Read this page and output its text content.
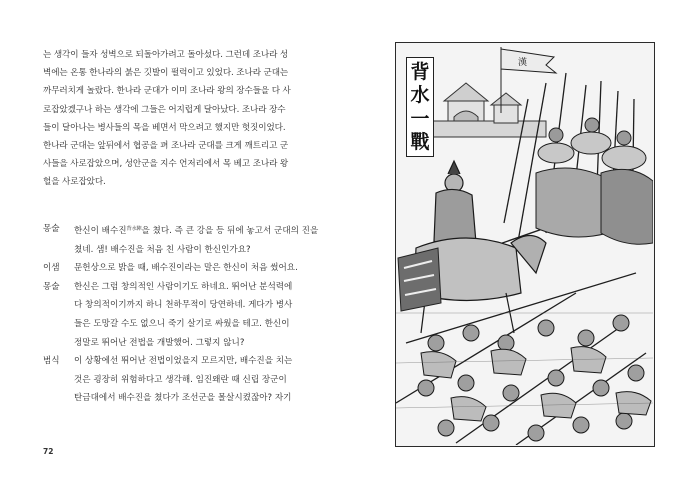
는 생각이 들자 성벽으로 되돌아가려고 돌아섰다. 그런데 조나라 성
벽에는 온통 한나라의 붉은 깃발이 펄럭이고 있었다. 조나라 군대는
까무러치게 놀랐다. 한나라 군대가 이미 조나라 왕의 장수들을 다 사
로잡았겠구나 하는 생각에 그들은 어지럽게 달아났다. 조나라 장수
들이 달아나는 병사들의 목을 베면서 막으려고 했지만 헛짓이었다.
한나라 군대는 앞뒤에서 협공을 펴 조나라 군대를 크게 깨트리고 군
사들을 사로잡았으며, 성안군을 지수 언저리에서 목 베고 조나라 왕
헐을 사로잡았다.
몽술	한신이 배수진$^{背水陣}$을 쳤다. 즉 큰 강을 등 뒤에 놓고서 군대의 진을
쳤네. 샘! 배수진을 처음 친 사람이 한신인가요?
이샘	문헌상으로 밝을 때, 배수진이라는 말은 한신이 처음 썼어요.
몽술	한신은 그럼 창의적인 사람이기도 하네요. 뛰어난 분석력에
다 창의적이기까지 하니 천하무적이 당연하네. 게다가 병사
들은 도망갈 수도 없으니 죽기 살기로 싸웠을 테고. 한신이
정말로 뛰어난 전법을 개발했어. 그렇지 않니?
범식	이 상황에선 뛰어난 전법이었을지 모르지만, 배수진을 치는
것은 굉장히 위험하다고 생각해. 임진왜란 때 신립 장군이
탄금대에서 배수진을 쳤다가 조선군을 몰살시켰잖아? 자기
72
漢
背
水
一
戰
